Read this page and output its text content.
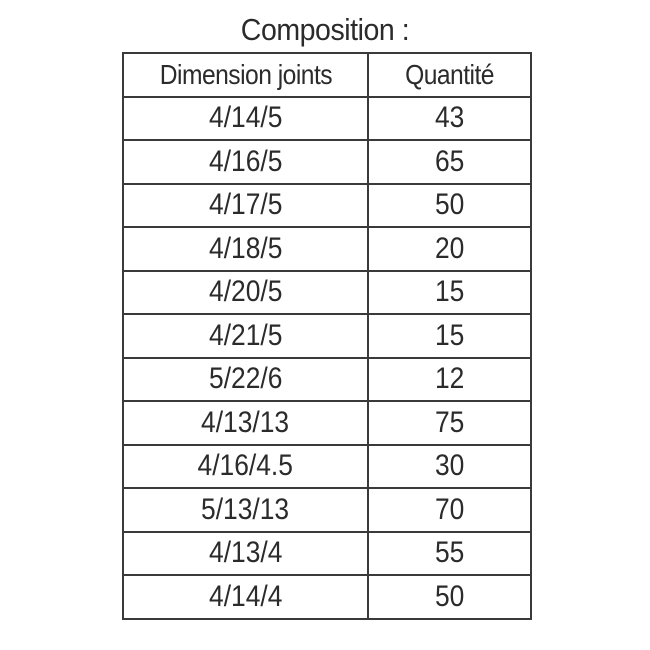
Composition :
Dimension joints	Quantité
4/14/5	43
4/16/5	65
4/17/5	50
4/18/5	20
4/20/5	15
4/21/5	15
5/22/6	12
4/13/13	75
4/16/4.5	30
5/13/13	70
4/13/4	55
4/14/4	50
